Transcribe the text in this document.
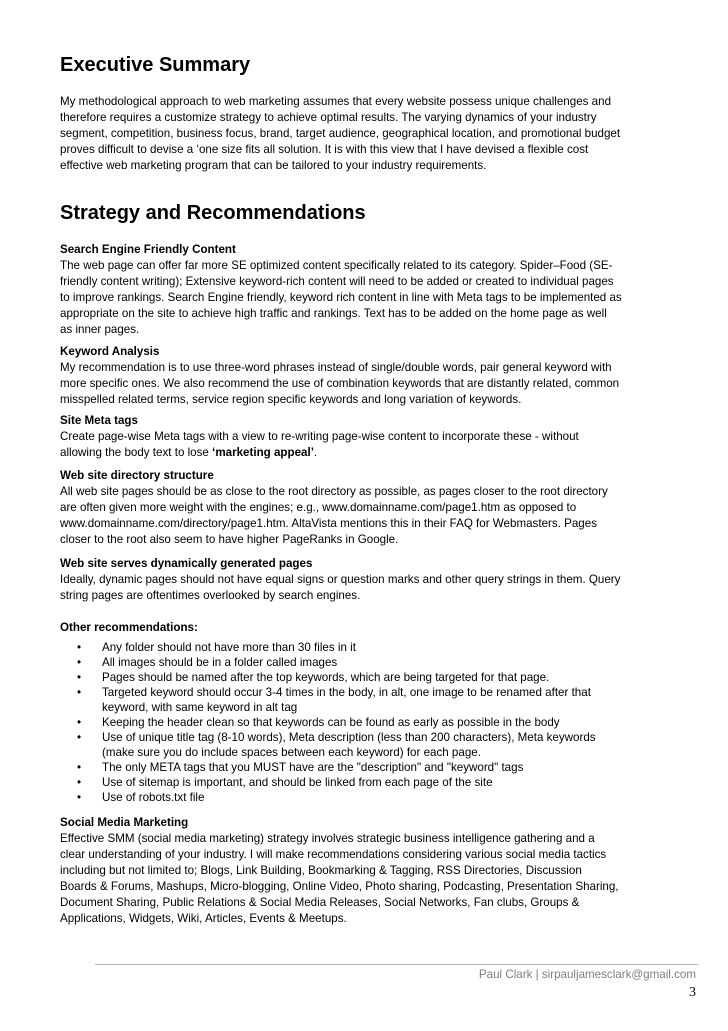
Executive Summary

My methodological approach to web marketing assumes that every website possess unique challenges and
therefore requires a customize strategy to achieve optimal results. The varying dynamics of your industry
segment, competition, business focus, brand, target audience, geographical location, and promotional budget
proves difficult to devise a ‘one size fits all solution. It is with this view that I have devised a flexible cost
effective web marketing program that can be tailored to your industry requirements.

Strategy and Recommendations

Search Engine Friendly Content

The web page can offer far more SE optimized content specifically related to its category. Spider–Food (SE-
friendly content writing); Extensive keyword-rich content will need to be added or created to individual pages
to improve rankings. Search Engine friendly, keyword rich content in line with Meta tags to be implemented as
appropriate on the site to achieve high traffic and rankings. Text has to be added on the home page as well
as inner pages.

Keyword Analysis

My recommendation is to use three-word phrases instead of single/double words, pair general keyword with
more specific ones. We also recommend the use of combination keywords that are distantly related, common
misspelled related terms, service region specific keywords and long variation of keywords.

Site Meta tags

Create page-wise Meta tags with a view to re-writing page-wise content to incorporate these - without

allowing the body text to lose ‘marketing appeal’.

Web site directory structure

All web site pages should be as close to the root directory as possible, as pages closer to the root directory
are often given more weight with the engines; e.g., www.domainname.com/page1.htm as opposed to
www.domainname.com/directory/page1.htm. AltaVista mentions this in their FAQ for Webmasters. Pages
closer to the root also seem to have higher PageRanks in Google.

Web site serves dynamically generated pages

Ideally, dynamic pages should not have equal signs or question marks and other query strings in them. Query
string pages are oftentimes overlooked by search engines.

Other recommendations:

• Any folder should not have more than 30 files in it
• All images should be in a folder called images
• Pages should be named after the top keywords, which are being targeted for that page.
• Targeted keyword should occur 3-4 times in the body, in alt, one image to be renamed after that
keyword, with same keyword in alt tag
• Keeping the header clean so that keywords can be found as early as possible in the body
• Use of unique title tag (8-10 words), Meta description (less than 200 characters), Meta keywords
(make sure you do include spaces between each keyword) for each page.
• The only META tags that you MUST have are the "description" and "keyword" tags
• Use of sitemap is important, and should be linked from each page of the site
• Use of robots.txt file

Social Media Marketing

Effective SMM (social media marketing) strategy involves strategic business intelligence gathering and a
clear understanding of your industry. I will make recommendations considering various social media tactics
including but not limited to; Blogs, Link Building, Bookmarking & Tagging, RSS Directories, Discussion
Boards & Forums, Mashups, Micro-blogging, Online Video, Photo sharing, Podcasting, Presentation Sharing,
Document Sharing, Public Relations & Social Media Releases, Social Networks, Fan clubs, Groups &
Applications, Widgets, Wiki, Articles, Events & Meetups.

Paul Clark | sirpauljamesclark@gmail.com
3
